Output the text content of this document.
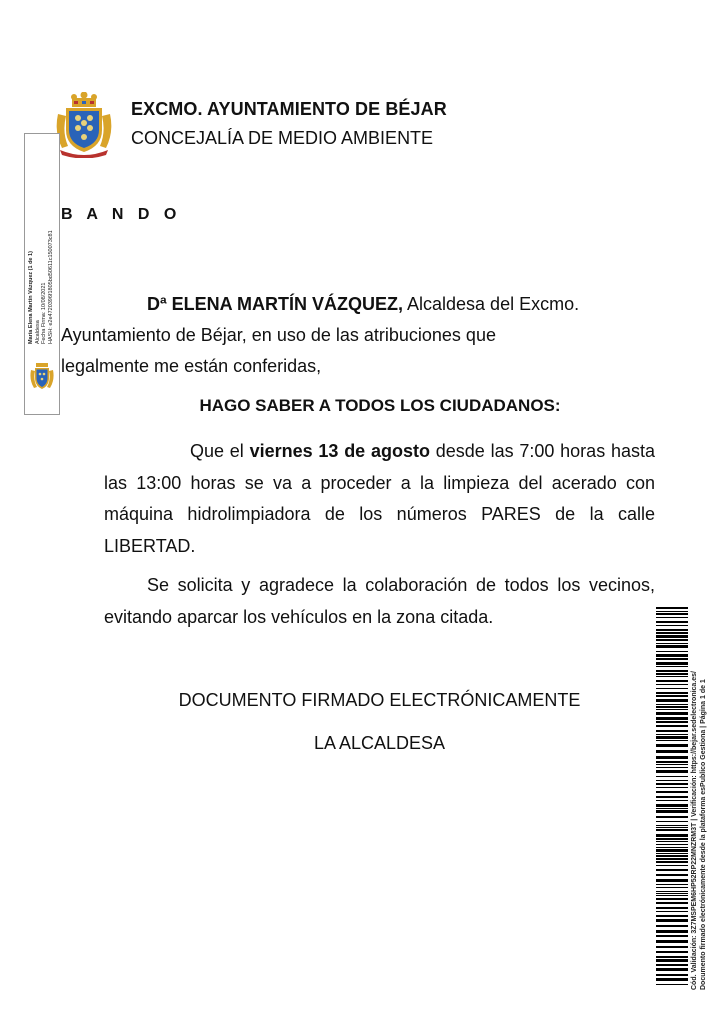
EXCMO. AYUNTAMIENTO DE BÉJAR
CONCEJALÍA DE MEDIO AMBIENTE
María Elena Martín Vázquez (1 de 1) Alcaldesa Fecha Firma: 10/08/2021 HASH: e2e4720396f1805bd50611c150073c81
B A N D O
Dª ELENA MARTÍN VÁZQUEZ, Alcaldesa del Excmo.
Ayuntamiento de Béjar, en uso de las atribuciones que
legalmente me están conferidas,
HAGO SABER A TODOS LOS CIUDADANOS:
Que el viernes 13 de agosto desde las 7:00 horas hasta las 13:00 horas se va a proceder a la limpieza del acerado con máquina hidrolimpiadora de los números PARES de la calle LIBERTAD.
Se solicita y agradece la colaboración de todos los vecinos, evitando aparcar los vehículos en la zona citada.
DOCUMENTO FIRMADO ELECTRÓNICAMENTE
LA ALCALDESA	Cód. Validación: 3Z7MSPEM6HP52RP22MNZRM3T | Verificación: https://bejar.sedelectronica.es/ Documento firmado electrónicamente desde la plataforma esPublico Gestiona | Página 1 de 1
